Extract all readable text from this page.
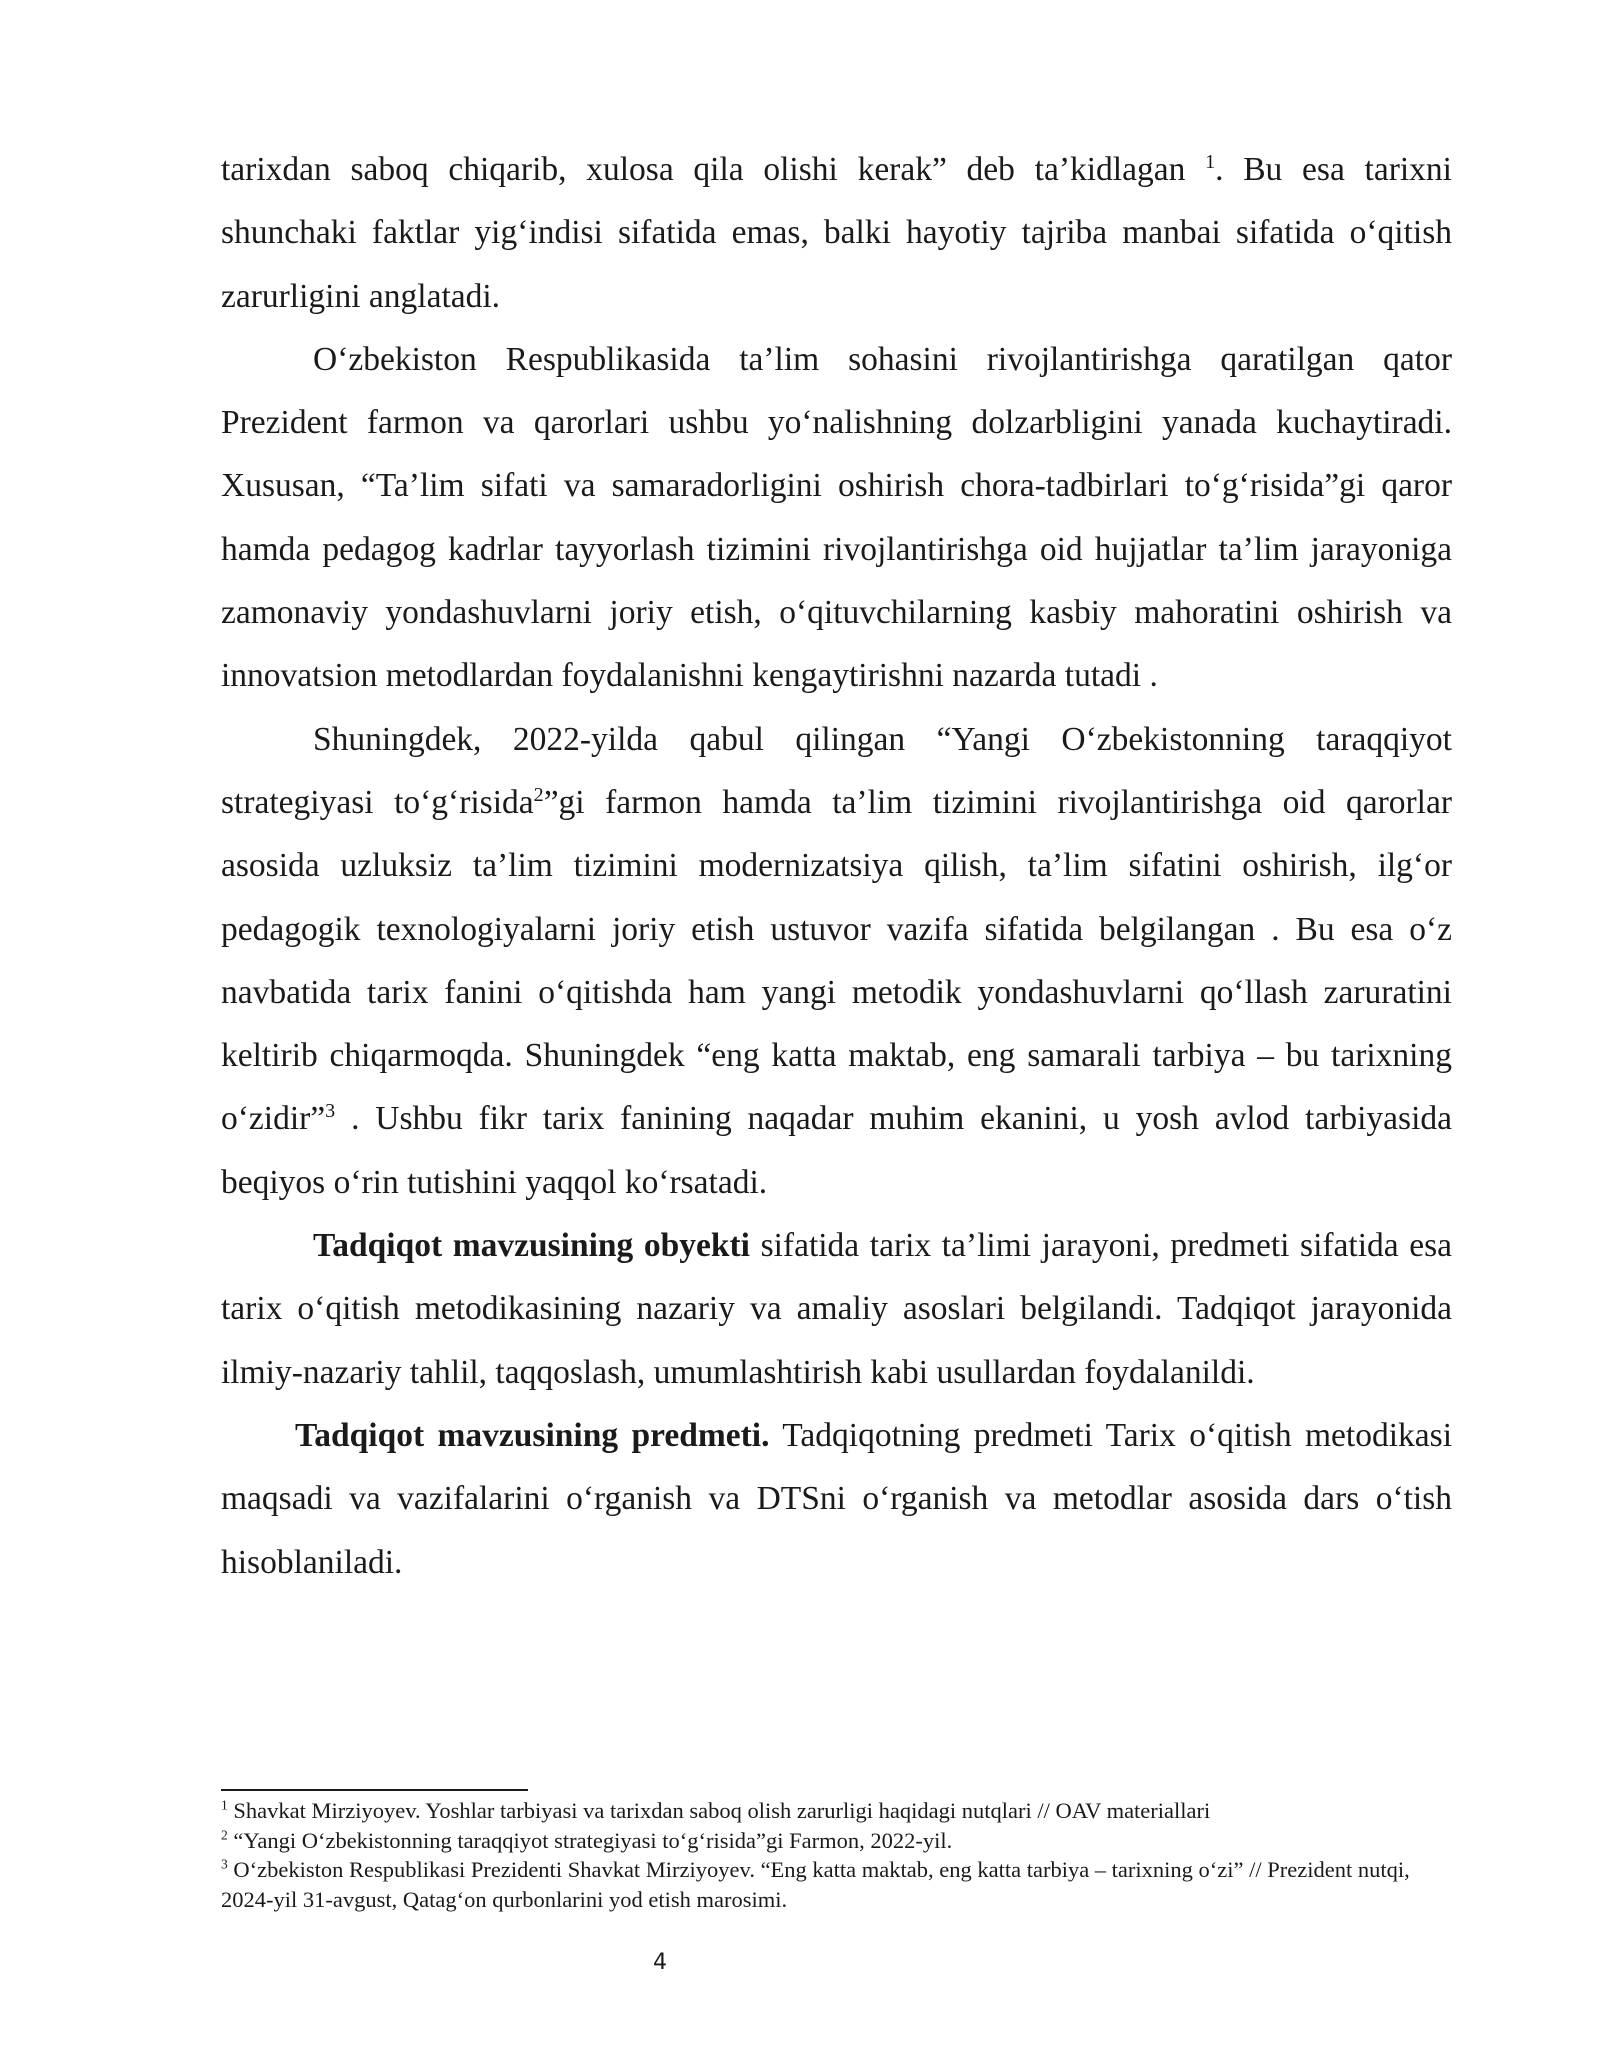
tarixdan saboq chiqarib, xulosa qila olishi kerak” deb ta’kidlagan $^1$. Bu esa tarixni shunchaki faktlar yig‘indisi sifatida emas, balki hayotiy tajriba manbai sifatida o‘qitish zarurligini anglatadi.

O‘zbekiston Respublikasida ta’lim sohasini rivojlantirishga qaratilgan qator Prezident farmon va qarorlari ushbu yo‘nalishning dolzarbligini yanada kuchaytiradi. Xususan, “Ta’lim sifati va samaradorligini oshirish chora-tadbirlari to‘g‘risida”gi qaror hamda pedagog kadrlar tayyorlash tizimini rivojlantirishga oid hujjatlar ta’lim jarayoniga zamonaviy yondashuvlarni joriy etish, o‘qituvchilarning kasbiy mahoratini oshirish va innovatsion metodlardan foydalanishni kengaytirishni nazarda tutadi .

Shuningdek, 2022-yilda qabul qilingan “Yangi O‘zbekistonning taraqqiyot strategiyasi to‘g‘risida$^2$”gi farmon hamda ta’lim tizimini rivojlantirishga oid qarorlar asosida uzluksiz ta’lim tizimini modernizatsiya qilish, ta’lim sifatini oshirish, ilg‘or pedagogik texnologiyalarni joriy etish ustuvor vazifa sifatida belgilangan . Bu esa o‘z navbatida tarix fanini o‘qitishda ham yangi metodik yondashuvlarni qo‘llash zaruratini keltirib chiqarmoqda. Shuningdek “eng katta maktab, eng samarali tarbiya – bu tarixning o‘zidir”$^3$ . Ushbu fikr tarix fanining naqadar muhim ekanini, u yosh avlod tarbiyasida beqiyos o‘rin tutishini yaqqol ko‘rsatadi.

Tadqiqot mavzusining obyekti sifatida tarix ta’limi jarayoni, predmeti sifatida esa tarix o‘qitish metodikasining nazariy va amaliy asoslari belgilandi. Tadqiqot jarayonida ilmiy-nazariy tahlil, taqqoslash, umumlashtirish kabi usullardan foydalanildi.

Tadqiqot mavzusining predmeti. Tadqiqotning predmeti Tarix o‘qitish metodikasi maqsadi va vazifalarini o‘rganish va DTSni o‘rganish va metodlar asosida dars o‘tish hisoblaniladi.

$^1$ Shavkat Mirziyoyev. Yoshlar tarbiyasi va tarixdan saboq olish zarurligi haqidagi nutqlari // OAV materiallari

$^2$ “Yangi O‘zbekistonning taraqqiyot strategiyasi to‘g‘risida”gi Farmon, 2022-yil.

$^3$ O‘zbekiston Respublikasi Prezidenti Shavkat Mirziyoyev. “Eng katta maktab, eng katta tarbiya – tarixning o‘zi” // Prezident nutqi, 2024-yil 31-avgust, Qatag‘on qurbonlarini yod etish marosimi.

4
